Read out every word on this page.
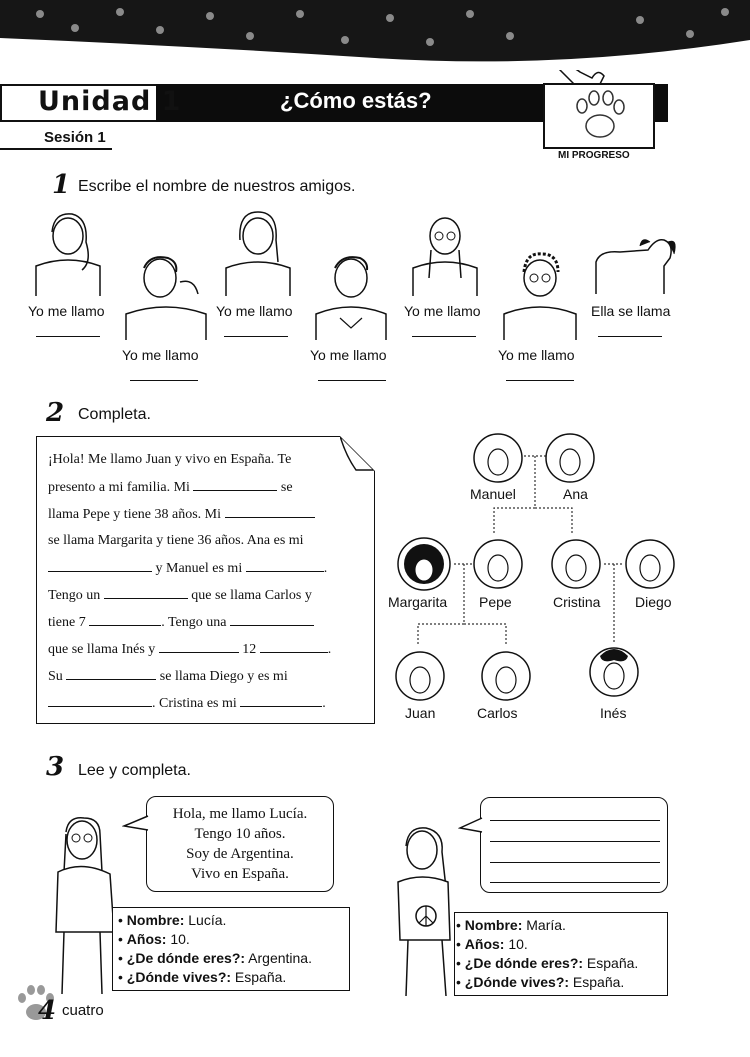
Unidad 1	¿Cómo estás?
Sesión 1
MI PROGRESO
1 Escribe el nombre de nuestros amigos.
Yo me llamo	Yo me llamo	Yo me llamo	Ella se llama
Yo me llamo	Yo me llamo	Yo me llamo
2 Completa.
¡Hola! Me llamo Juan y vivo en España. Te
presento a mi familia. Mi	se
llama Pepe y tiene 38 años. Mi
se llama Margarita y tiene 36 años. Ana es mi
y Manuel es mi	.
Tengo un	que se llama Carlos y
tiene 7	. Tengo una
que se llama Inés y	12	.
Su	se llama Diego y es mi
. Cristina es mi	.
Manuel	Ana
Margarita Pepe	Cristina Diego
Juan	Carlos	Inés
3 Lee y completa.
Hola, me llamo Lucía.
Tengo 10 años.
Soy de Argentina.
Vivo en España.
• Nombre: Lucía.
• Años: 10.
• ¿De dónde eres?: Argentina.
• ¿Dónde vives?: España.
• Nombre: María.
• Años: 10.
• ¿De dónde eres?: España.
• ¿Dónde vives?: España.
4 cuatro
